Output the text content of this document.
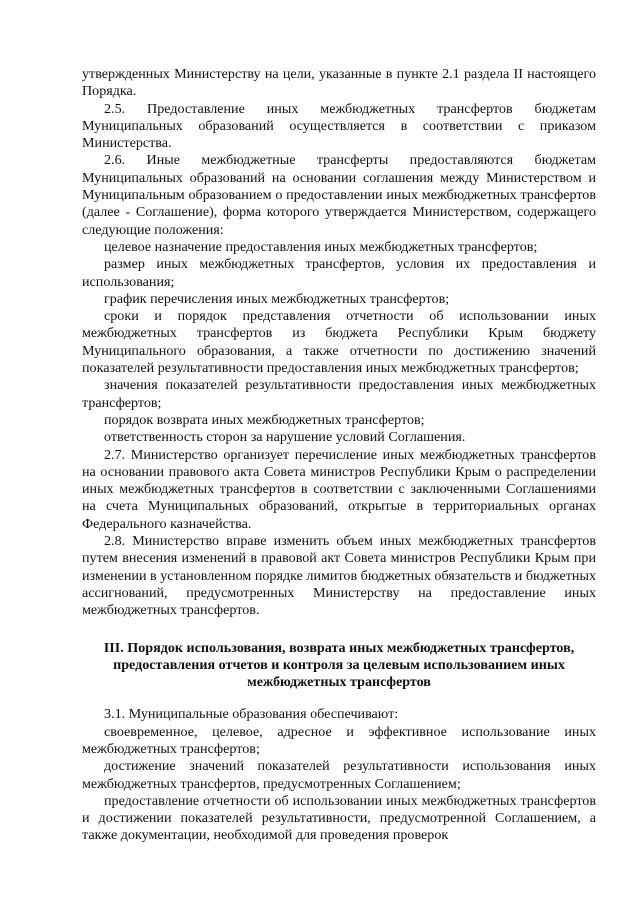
утвержденных Министерству на цели, указанные в пункте 2.1 раздела II настоящего Порядка.

2.5. Предоставление иных межбюджетных трансфертов бюджетам Муниципальных образований осуществляется в соответствии с приказом Министерства.

2.6. Иные межбюджетные трансферты предоставляются бюджетам Муниципальных образований на основании соглашения между Министерством и Муниципальным образованием о предоставлении иных межбюджетных трансфертов (далее - Соглашение), форма которого утверждается Министерством, содержащего следующие положения:

целевое назначение предоставления иных межбюджетных трансфертов;

размер иных межбюджетных трансфертов, условия их предоставления и использования;

график перечисления иных межбюджетных трансфертов;

сроки и порядок представления отчетности об использовании иных межбюджетных трансфертов из бюджета Республики Крым бюджету Муниципального образования, а также отчетности по достижению значений показателей результативности предоставления иных межбюджетных трансфертов;

значения показателей результативности предоставления иных межбюджетных трансфертов;

порядок возврата иных межбюджетных трансфертов;

ответственность сторон за нарушение условий Соглашения.

2.7. Министерство организует перечисление иных межбюджетных трансфертов на основании правового акта Совета министров Республики Крым о распределении иных межбюджетных трансфертов в соответствии с заключенными Соглашениями на счета Муниципальных образований, открытые в территориальных органах Федерального казначейства.

2.8. Министерство вправе изменить объем иных межбюджетных трансфертов путем внесения изменений в правовой акт Совета министров Республики Крым при изменении в установленном порядке лимитов бюджетных обязательств и бюджетных ассигнований, предусмотренных Министерству на предоставление иных межбюджетных трансфертов.

III. Порядок использования, возврата иных межбюджетных трансфертов, предоставления отчетов и контроля за целевым использованием иных межбюджетных трансфертов

3.1. Муниципальные образования обеспечивают:

своевременное, целевое, адресное и эффективное использование иных межбюджетных трансфертов;

достижение значений показателей результативности использования иных межбюджетных трансфертов, предусмотренных Соглашением;

предоставление отчетности об использовании иных межбюджетных трансфертов и достижении показателей результативности, предусмотренной Соглашением, а также документации, необходимой для проведения проверок
